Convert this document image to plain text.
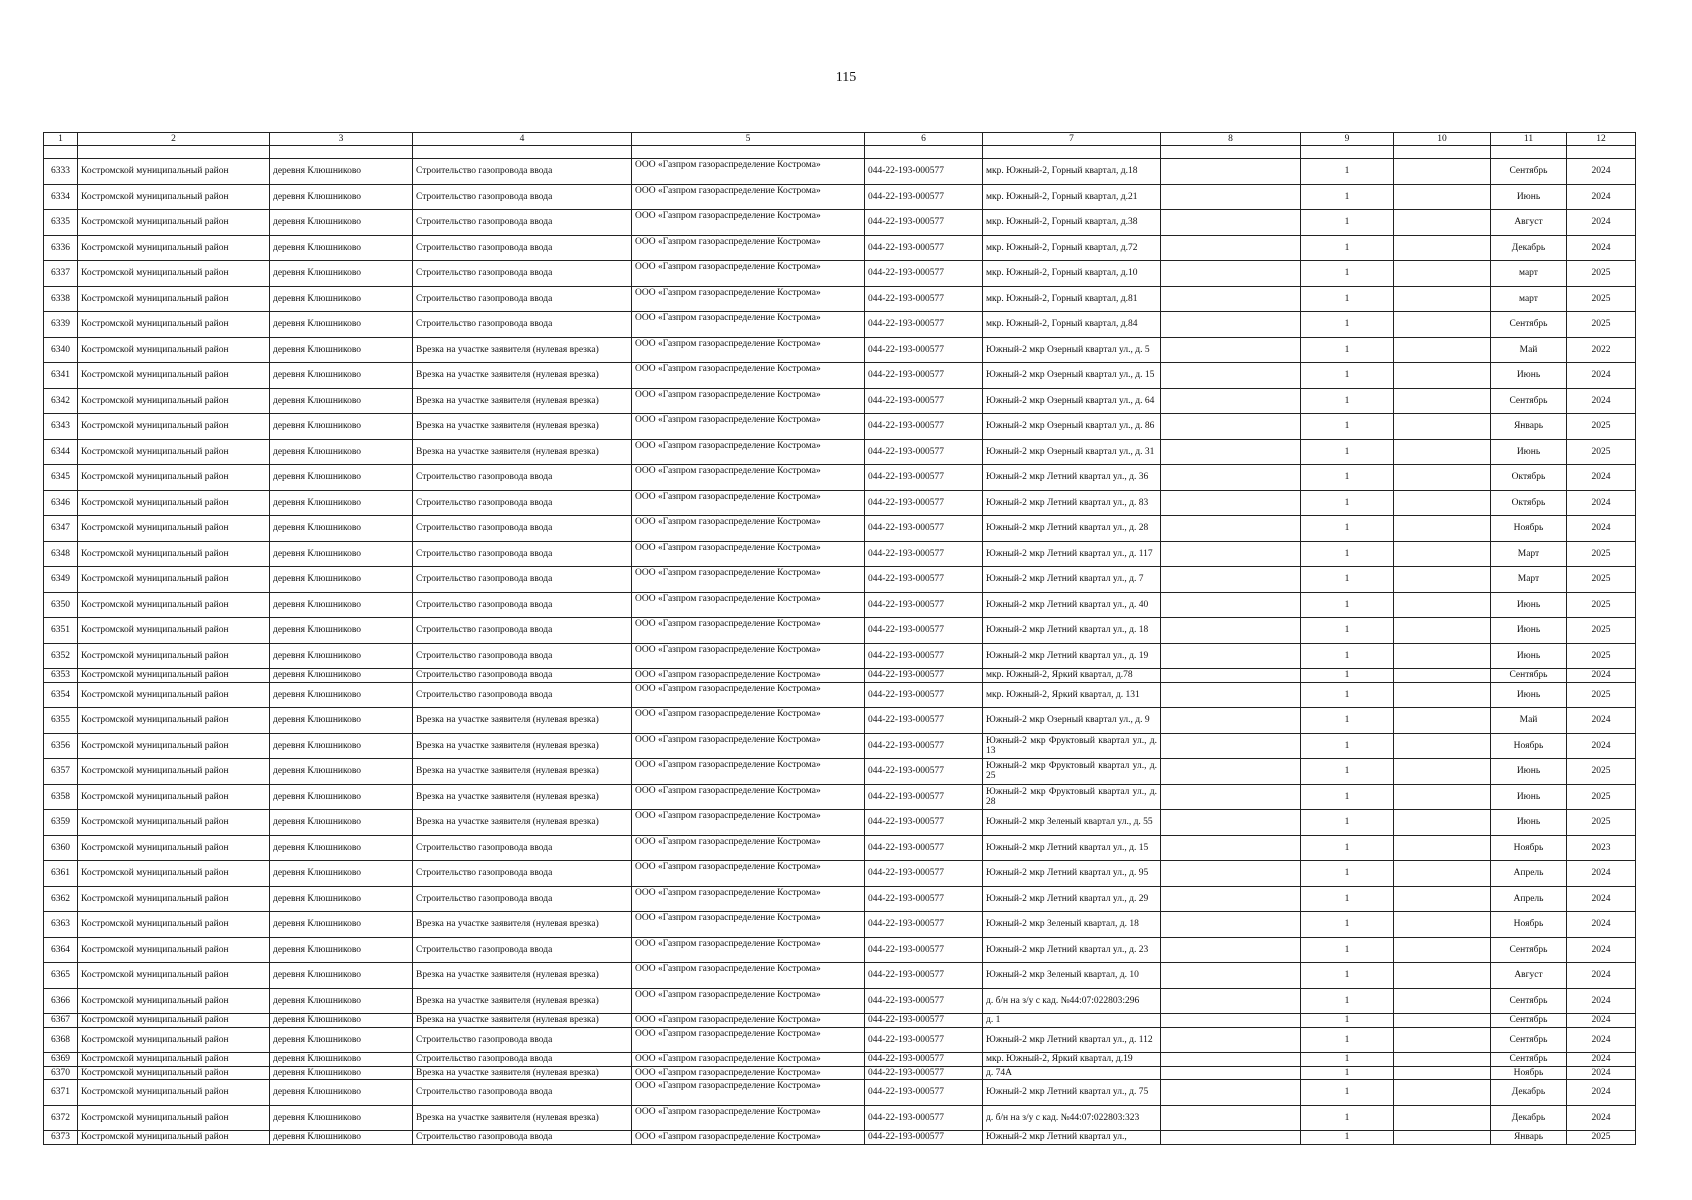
115
1	2	3	4	5	6	7	8	9	10	11	12

6333	Костромской муниципальный район	деревня Клюшниково	Строительство газопровода ввода	ООО «Газпром газораспределение Кострома»	044-22-193-000577	мкр. Южный-2, Горный квартал, д.18		1		Сентябрь	2024
6334	Костромской муниципальный район	деревня Клюшниково	Строительство газопровода ввода	ООО «Газпром газораспределение Кострома»	044-22-193-000577	мкр. Южный-2, Горный квартал, д.21		1		Июнь	2024
6335	Костромской муниципальный район	деревня Клюшниково	Строительство газопровода ввода	ООО «Газпром газораспределение Кострома»	044-22-193-000577	мкр. Южный-2, Горный квартал, д.38		1		Август	2024
6336	Костромской муниципальный район	деревня Клюшниково	Строительство газопровода ввода	ООО «Газпром газораспределение Кострома»	044-22-193-000577	мкр. Южный-2, Горный квартал, д.72		1		Декабрь	2024
6337	Костромской муниципальный район	деревня Клюшниково	Строительство газопровода ввода	ООО «Газпром газораспределение Кострома»	044-22-193-000577	мкр. Южный-2, Горный квартал, д.10		1		март	2025
6338	Костромской муниципальный район	деревня Клюшниково	Строительство газопровода ввода	ООО «Газпром газораспределение Кострома»	044-22-193-000577	мкр. Южный-2, Горный квартал, д.81		1		март	2025
6339	Костромской муниципальный район	деревня Клюшниково	Строительство газопровода ввода	ООО «Газпром газораспределение Кострома»	044-22-193-000577	мкр. Южный-2, Горный квартал, д.84		1		Сентябрь	2025
6340	Костромской муниципальный район	деревня Клюшниково	Врезка на участке заявителя (нулевая врезка)	ООО «Газпром газораспределение Кострома»	044-22-193-000577	Южный-2 мкр Озерный квартал ул., д. 5		1		Май	2022
6341	Костромской муниципальный район	деревня Клюшниково	Врезка на участке заявителя (нулевая врезка)	ООО «Газпром газораспределение Кострома»	044-22-193-000577	Южный-2 мкр Озерный квартал ул., д. 15		1		Июнь	2024
6342	Костромской муниципальный район	деревня Клюшниково	Врезка на участке заявителя (нулевая врезка)	ООО «Газпром газораспределение Кострома»	044-22-193-000577	Южный-2 мкр Озерный квартал ул., д. 64		1		Сентябрь	2024
6343	Костромской муниципальный район	деревня Клюшниково	Врезка на участке заявителя (нулевая врезка)	ООО «Газпром газораспределение Кострома»	044-22-193-000577	Южный-2 мкр Озерный квартал ул., д. 86		1		Январь	2025
6344	Костромской муниципальный район	деревня Клюшниково	Врезка на участке заявителя (нулевая врезка)	ООО «Газпром газораспределение Кострома»	044-22-193-000577	Южный-2 мкр Озерный квартал ул., д. 31		1		Июнь	2025
6345	Костромской муниципальный район	деревня Клюшниково	Строительство газопровода ввода	ООО «Газпром газораспределение Кострома»	044-22-193-000577	Южный-2 мкр Летний квартал ул., д. 36		1		Октябрь	2024
6346	Костромской муниципальный район	деревня Клюшниково	Строительство газопровода ввода	ООО «Газпром газораспределение Кострома»	044-22-193-000577	Южный-2 мкр Летний квартал ул., д. 83		1		Октябрь	2024
6347	Костромской муниципальный район	деревня Клюшниково	Строительство газопровода ввода	ООО «Газпром газораспределение Кострома»	044-22-193-000577	Южный-2 мкр Летний квартал ул., д. 28		1		Ноябрь	2024
6348	Костромской муниципальный район	деревня Клюшниково	Строительство газопровода ввода	ООО «Газпром газораспределение Кострома»	044-22-193-000577	Южный-2 мкр Летний квартал ул., д. 117		1		Март	2025
6349	Костромской муниципальный район	деревня Клюшниково	Строительство газопровода ввода	ООО «Газпром газораспределение Кострома»	044-22-193-000577	Южный-2 мкр Летний квартал ул., д. 7		1		Март	2025
6350	Костромской муниципальный район	деревня Клюшниково	Строительство газопровода ввода	ООО «Газпром газораспределение Кострома»	044-22-193-000577	Южный-2 мкр Летний квартал ул., д. 40		1		Июнь	2025
6351	Костромской муниципальный район	деревня Клюшниково	Строительство газопровода ввода	ООО «Газпром газораспределение Кострома»	044-22-193-000577	Южный-2 мкр Летний квартал ул., д. 18		1		Июнь	2025
6352	Костромской муниципальный район	деревня Клюшниково	Строительство газопровода ввода	ООО «Газпром газораспределение Кострома»	044-22-193-000577	Южный-2 мкр Летний квартал ул., д. 19		1		Июнь	2025
6353	Костромской муниципальный район	деревня Клюшниково	Строительство газопровода ввода	ООО «Газпром газораспределение Кострома»	044-22-193-000577	мкр. Южный-2, Яркий квартал, д.78		1		Сентябрь	2024
6354	Костромской муниципальный район	деревня Клюшниково	Строительство газопровода ввода	ООО «Газпром газораспределение Кострома»	044-22-193-000577	мкр. Южный-2, Яркий квартал, д. 131		1		Июнь	2025
6355	Костромской муниципальный район	деревня Клюшниково	Врезка на участке заявителя (нулевая врезка)	ООО «Газпром газораспределение Кострома»	044-22-193-000577	Южный-2 мкр Озерный квартал ул., д. 9		1		Май	2024
6356	Костромской муниципальный район	деревня Клюшниково	Врезка на участке заявителя (нулевая врезка)	ООО «Газпром газораспределение Кострома»	044-22-193-000577	Южный-2 мкр Фруктовый квартал ул., д. 13		1		Ноябрь	2024
6357	Костромской муниципальный район	деревня Клюшниково	Врезка на участке заявителя (нулевая врезка)	ООО «Газпром газораспределение Кострома»	044-22-193-000577	Южный-2 мкр Фруктовый квартал ул., д. 25		1		Июнь	2025
6358	Костромской муниципальный район	деревня Клюшниково	Врезка на участке заявителя (нулевая врезка)	ООО «Газпром газораспределение Кострома»	044-22-193-000577	Южный-2 мкр Фруктовый квартал ул., д. 28		1		Июнь	2025
6359	Костромской муниципальный район	деревня Клюшниково	Врезка на участке заявителя (нулевая врезка)	ООО «Газпром газораспределение Кострома»	044-22-193-000577	Южный-2 мкр Зеленый квартал ул., д. 55		1		Июнь	2025
6360	Костромской муниципальный район	деревня Клюшниково	Строительство газопровода ввода	ООО «Газпром газораспределение Кострома»	044-22-193-000577	Южный-2 мкр Летний квартал ул., д. 15		1		Ноябрь	2023
6361	Костромской муниципальный район	деревня Клюшниково	Строительство газопровода ввода	ООО «Газпром газораспределение Кострома»	044-22-193-000577	Южный-2 мкр Летний квартал ул., д. 95		1		Апрель	2024
6362	Костромской муниципальный район	деревня Клюшниково	Строительство газопровода ввода	ООО «Газпром газораспределение Кострома»	044-22-193-000577	Южный-2 мкр Летний квартал ул., д. 29		1		Апрель	2024
6363	Костромской муниципальный район	деревня Клюшниково	Врезка на участке заявителя (нулевая врезка)	ООО «Газпром газораспределение Кострома»	044-22-193-000577	Южный-2 мкр Зеленый квартал, д. 18		1		Ноябрь	2024
6364	Костромской муниципальный район	деревня Клюшниково	Строительство газопровода ввода	ООО «Газпром газораспределение Кострома»	044-22-193-000577	Южный-2 мкр Летний квартал ул., д. 23		1		Сентябрь	2024
6365	Костромской муниципальный район	деревня Клюшниково	Врезка на участке заявителя (нулевая врезка)	ООО «Газпром газораспределение Кострома»	044-22-193-000577	Южный-2 мкр Зеленый квартал, д. 10		1		Август	2024
6366	Костромской муниципальный район	деревня Клюшниково	Врезка на участке заявителя (нулевая врезка)	ООО «Газпром газораспределение Кострома»	044-22-193-000577	д. б/н на з/у с кад. №44:07:022803:296		1		Сентябрь	2024
6367	Костромской муниципальный район	деревня Клюшниково	Врезка на участке заявителя (нулевая врезка)	ООО «Газпром газораспределение Кострома»	044-22-193-000577	д. 1		1		Сентябрь	2024
6368	Костромской муниципальный район	деревня Клюшниково	Строительство газопровода ввода	ООО «Газпром газораспределение Кострома»	044-22-193-000577	Южный-2 мкр Летний квартал ул., д. 112		1		Сентябрь	2024
6369	Костромской муниципальный район	деревня Клюшниково	Строительство газопровода ввода	ООО «Газпром газораспределение Кострома»	044-22-193-000577	мкр. Южный-2, Яркий квартал, д.19		1		Сентябрь	2024
6370	Костромской муниципальный район	деревня Клюшниково	Врезка на участке заявителя (нулевая врезка)	ООО «Газпром газораспределение Кострома»	044-22-193-000577	д. 74А		1		Ноябрь	2024
6371	Костромской муниципальный район	деревня Клюшниково	Строительство газопровода ввода	ООО «Газпром газораспределение Кострома»	044-22-193-000577	Южный-2 мкр Летний квартал ул., д. 75		1		Декабрь	2024
6372	Костромской муниципальный район	деревня Клюшниково	Врезка на участке заявителя (нулевая врезка)	ООО «Газпром газораспределение Кострома»	044-22-193-000577	д. б/н на з/у с кад. №44:07:022803:323		1		Декабрь	2024
6373	Костромской муниципальный район	деревня Клюшниково	Строительство газопровода ввода	ООО «Газпром газораспределение Кострома»	044-22-193-000577	Южный-2 мкр Летний квартал ул.,		1		Январь	2025
